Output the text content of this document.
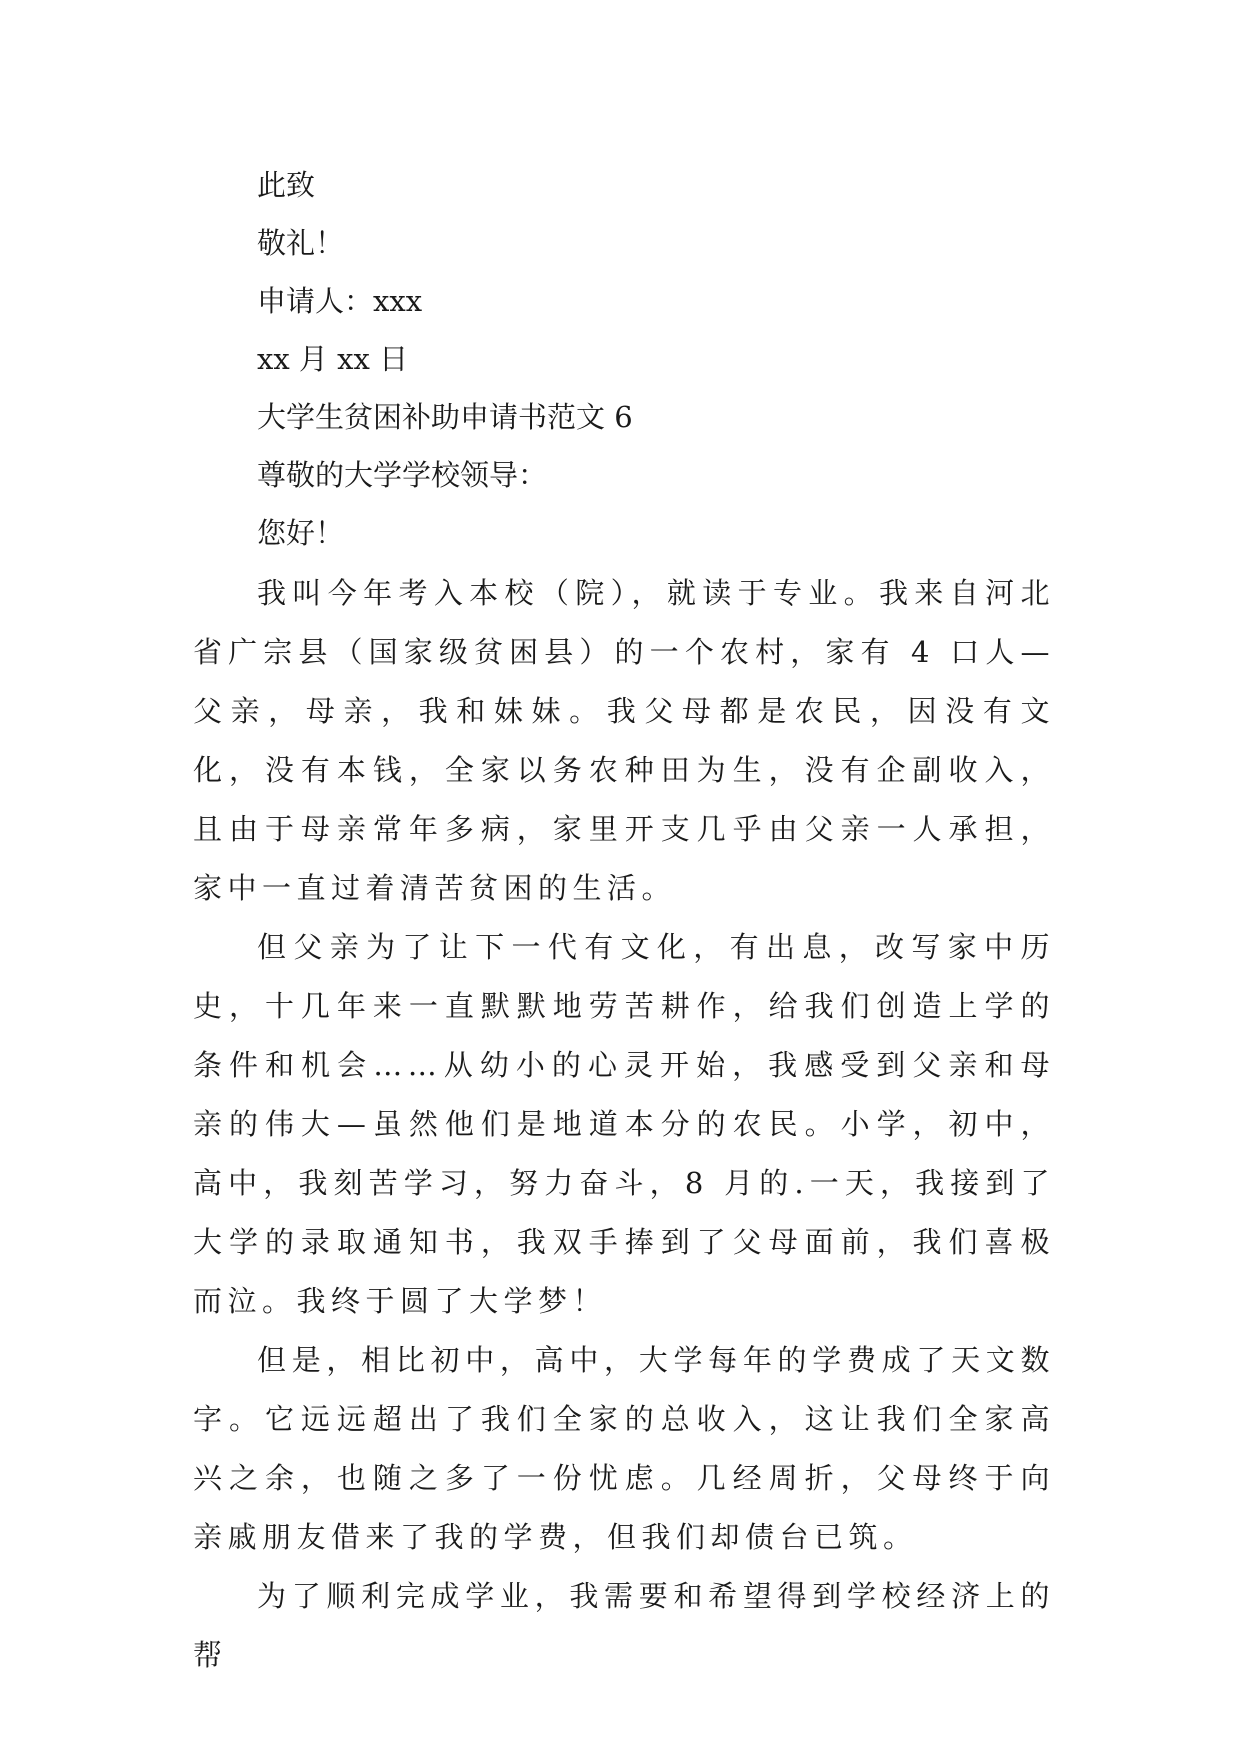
此致
敬礼！
申请人：xxx
xx 月 xx 日
大学生贫困补助申请书范文 6
尊敬的大学学校领导：
您好！

我叫今年考入本校（院），就读于专业。我来自河北省广宗县（国家级贫困县）的一个农村，家有 4 口人—父亲，母亲，我和妹妹。我父母都是农民，因没有文化，没有本钱，全家以务农种田为生，没有企副收入，且由于母亲常年多病，家里开支几乎由父亲一人承担，家中一直过着清苦贫困的生活。

但父亲为了让下一代有文化，有出息，改写家中历史，十几年来一直默默地劳苦耕作，给我们创造上学的条件和机会……从幼小的心灵开始，我感受到父亲和母亲的伟大—虽然他们是地道本分的农民。小学，初中，高中，我刻苦学习，努力奋斗，8 月的.一天，我接到了大学的录取通知书，我双手捧到了父母面前，我们喜极而泣。我终于圆了大学梦！

但是，相比初中，高中，大学每年的学费成了天文数字。它远远超出了我们全家的总收入，这让我们全家高兴之余，也随之多了一份忧虑。几经周折，父母终于向亲戚朋友借来了我的学费，但我们却债台已筑。

为了顺利完成学业，我需要和希望得到学校经济上的帮
